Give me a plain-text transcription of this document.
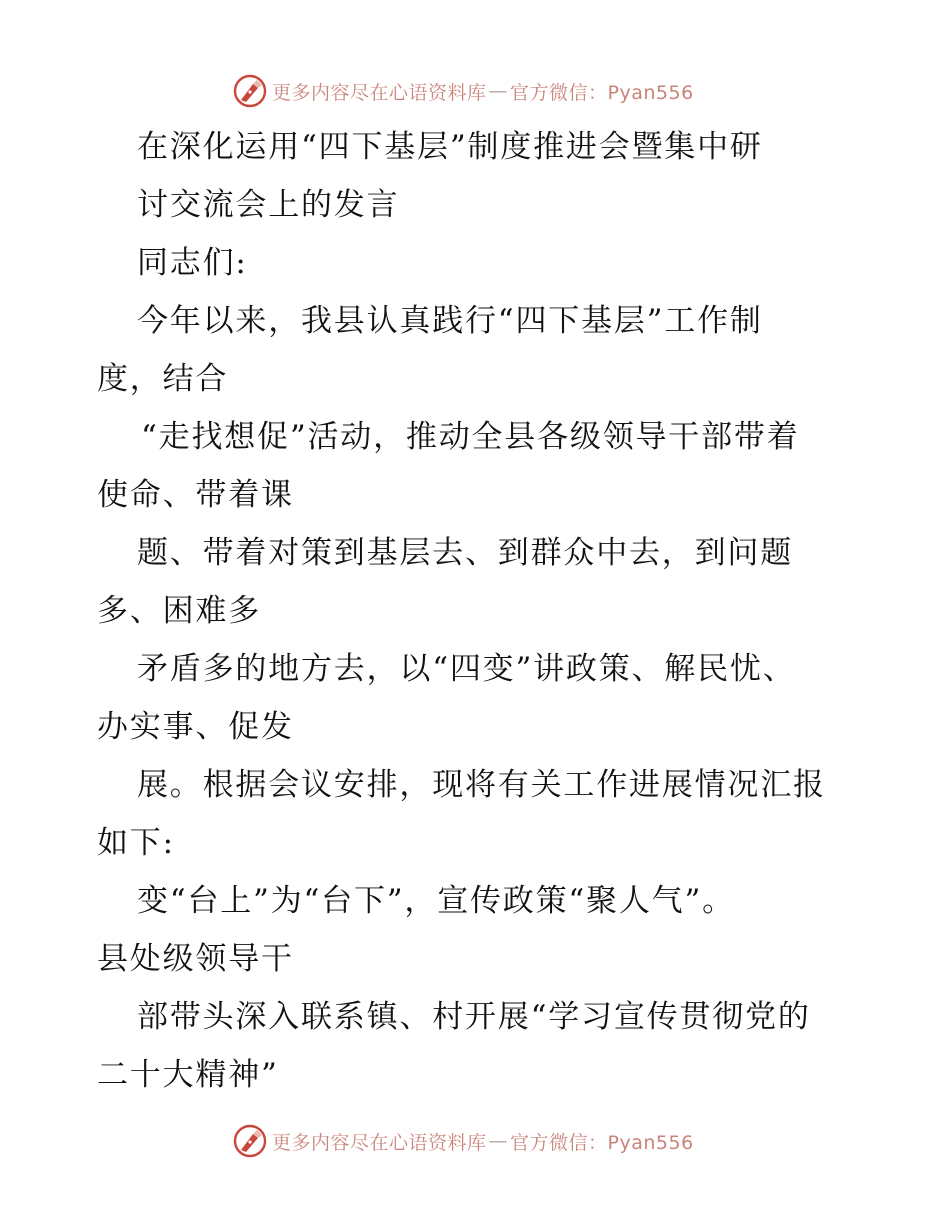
更多内容尽在心语资料库 — 官方微信：Pyan556
在深化运用“四下基层”制度推进会暨集中研
讨交流会上的发言
同志们:
今年以来，我县认真践行“四下基层”工作制
度，结合
“走找想促”活动，推动全县各级领导干部带着
使命、带着课
题、带着对策到基层去、到群众中去，到问题
多、困难多
矛盾多的地方去，以“四变”讲政策、解民忧、
办实事、促发
展。根据会议安排，现将有关工作进展情况汇报
如下:
变“台上”为“台下”，宣传政策“聚人气”。
县处级领导干
部带头深入联系镇、村开展“学习宣传贯彻党的
二十大精神”
更多内容尽在心语资料库 — 官方微信：Pyan556
